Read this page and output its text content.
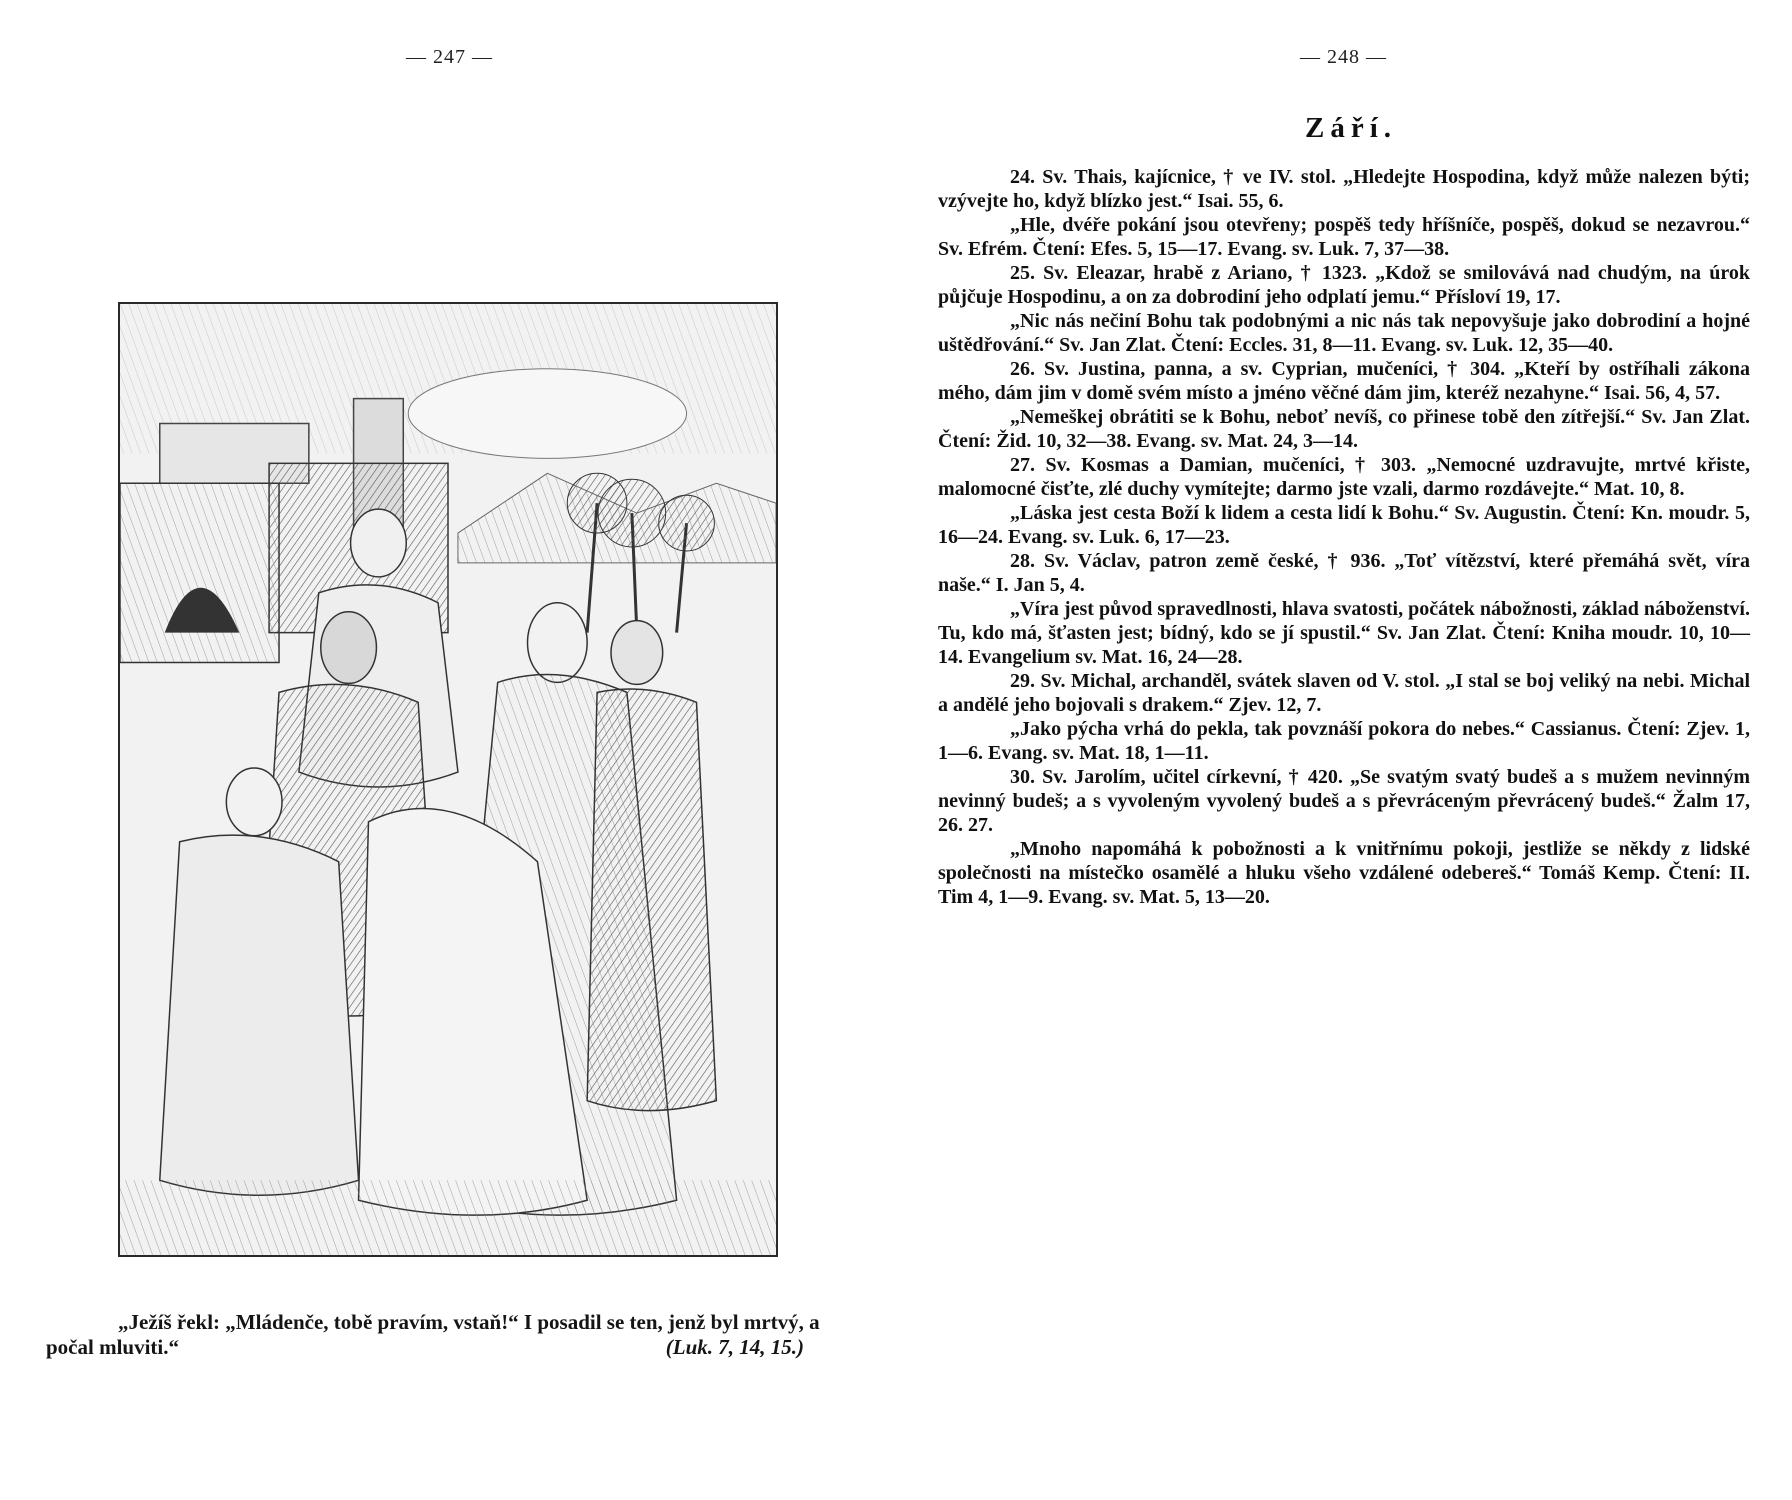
— 247 —
„Ježíš řekl: „Mládenče, tobě pravím, vstaň!“ I posadil se ten, jenž byl mrtvý, a počal mluviti.“	(Luk. 7, 14, 15.)
— 248 —
Září.

24. Sv. Thais, kajícnice, † ve IV. stol. „Hledejte Hospodina, když může nalezen býti; vzývejte ho, když blízko jest.“ Isai. 55, 6.

„Hle, dvéře pokání jsou otevřeny; pospěš tedy hříšníče, pospěš, dokud se nezavrou.“ Sv. Efrém. Čtení: Efes. 5, 15—17. Evang. sv. Luk. 7, 37—38.

25. Sv. Eleazar, hrabě z Ariano, † 1323. „Kdož se smilovává nad chudým, na úrok půjčuje Hospodinu, a on za dobrodiní jeho odplatí jemu.“ Přísloví 19, 17.

„Nic nás nečiní Bohu tak podobnými a nic nás tak nepovyšuje jako dobrodiní a hojné uštědřování.“ Sv. Jan Zlat. Čtení: Eccles. 31, 8—11. Evang. sv. Luk. 12, 35—40.

26. Sv. Justina, panna, a sv. Cyprian, mučeníci, † 304. „Kteří by ostříhali zákona mého, dám jim v domě svém místo a jméno věčné dám jim, kteréž nezahyne.“ Isai. 56, 4, 57.

„Nemeškej obrátiti se k Bohu, neboť nevíš, co přinese tobě den zítřejší.“ Sv. Jan Zlat. Čtení: Žid. 10, 32—38. Evang. sv. Mat. 24, 3—14.

27. Sv. Kosmas a Damian, mučeníci, † 303. „Nemocné uzdravujte, mrtvé křiste, malomocné čisťte, zlé duchy vymítejte; darmo jste vzali, darmo rozdávejte.“ Mat. 10, 8.

„Láska jest cesta Boží k lidem a cesta lidí k Bohu.“ Sv. Augustin. Čtení: Kn. moudr. 5, 16—24. Evang. sv. Luk. 6, 17—23.

28. Sv. Václav, patron země české, † 936. „Toť vítězství, které přemáhá svět, víra naše.“ I. Jan 5, 4.

„Víra jest původ spravedlnosti, hlava svatosti, počátek nábožnosti, základ náboženství. Tu, kdo má, šťasten jest; bídný, kdo se jí spustil.“ Sv. Jan Zlat. Čtení: Kniha moudr. 10, 10—14. Evangelium sv. Mat. 16, 24—28.

29. Sv. Michal, archanděl, svátek slaven od V. stol. „I stal se boj veliký na nebi. Michal a andělé jeho bojovali s drakem.“ Zjev. 12, 7.

„Jako pýcha vrhá do pekla, tak povznáší pokora do nebes.“ Cassianus. Čtení: Zjev. 1, 1—6. Evang. sv. Mat. 18, 1—11.

30. Sv. Jarolím, učitel církevní, † 420. „Se svatým svatý budeš a s mužem nevinným nevinný budeš; a s vyvoleným vyvolený budeš a s převráceným převrácený budeš.“ Žalm 17, 26. 27.

„Mnoho napomáhá k pobožnosti a k vnitřnímu pokoji, jestliže se někdy z lidské společnosti na místečko osamělé a hluku všeho vzdálené odebereš.“ Tomáš Kemp. Čtení: II. Tim 4, 1—9. Evang. sv. Mat. 5, 13—20.
